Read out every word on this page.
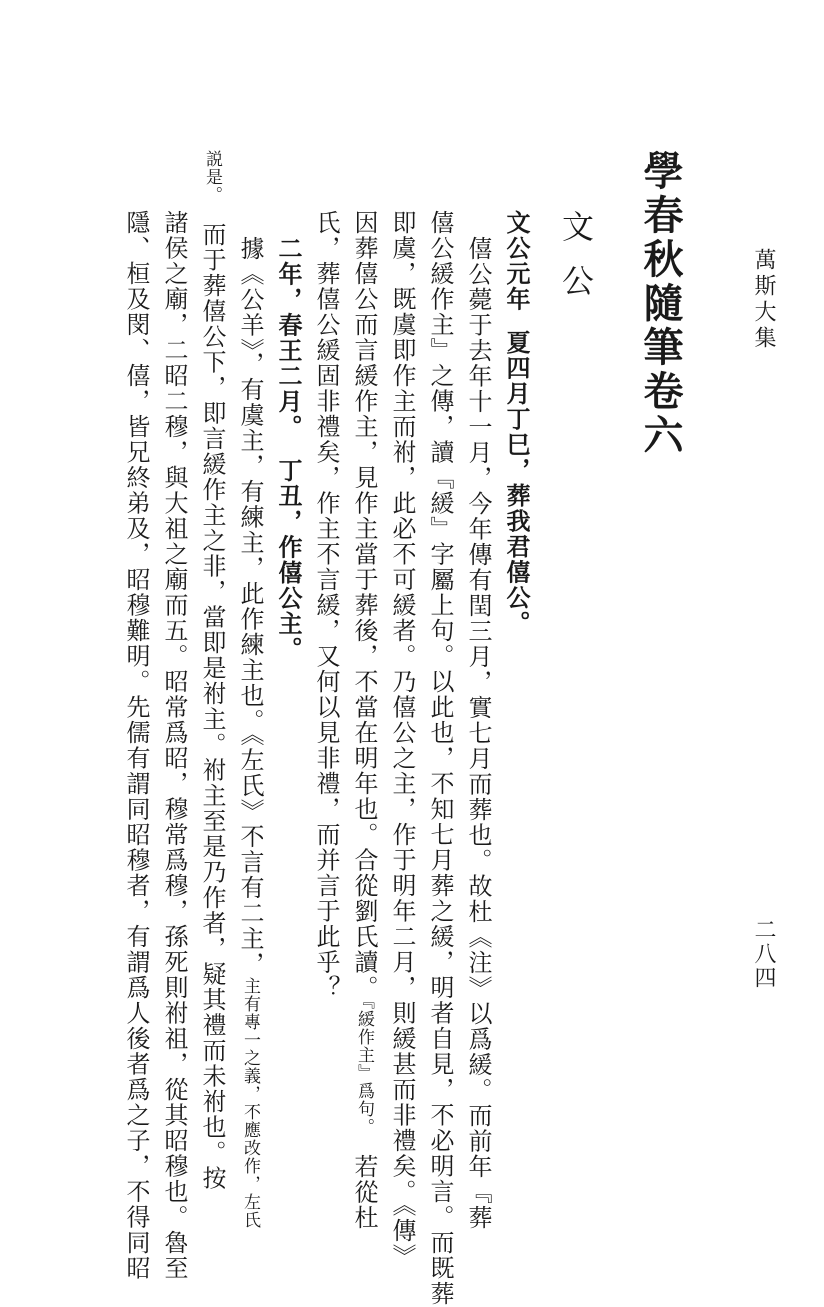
萬斯大集
二八四
學春秋隨筆卷六
文公
文公元年夏四月丁巳，葬我君僖公。
僖公薨于去年十一月，今年傳有閏三月，實七月而葬也。故杜《注》以爲緩。而前年『葬
僖公緩作主』之傳，讀『緩』字屬上句。以此也，不知七月葬之緩，明者自見，不必明言。而既葬
即虞，既虞即作主而祔，此必不可緩者。乃僖公之主，作于明年二月，則緩甚而非禮矣。《傳》
因葬僖公而言緩作主，見作主當于葬後，不當在明年也。合從劉氏讀。『緩作主』爲句。若從杜
氏，葬僖公緩固非禮矣，作主不言緩，又何以見非禮，而并言于此乎？
二年，春王二月。丁丑，作僖公主。
據《公羊》，有虞主，有練主，此作練主也。《左氏》不言有二主，主有專一之義，不應改作，左氏
説是。而于葬僖公下，即言緩作主之非，當即是祔主。祔主至是乃作者，疑其禮而未祔也。按
諸侯之廟，二昭二穆，與大祖之廟而五。昭常爲昭，穆常爲穆，孫死則祔祖，從其昭穆也。魯至
隱、桓及閔、僖，皆兄終弟及，昭穆難明。先儒有謂同昭穆者，有謂爲人後者爲之子，不得同昭
